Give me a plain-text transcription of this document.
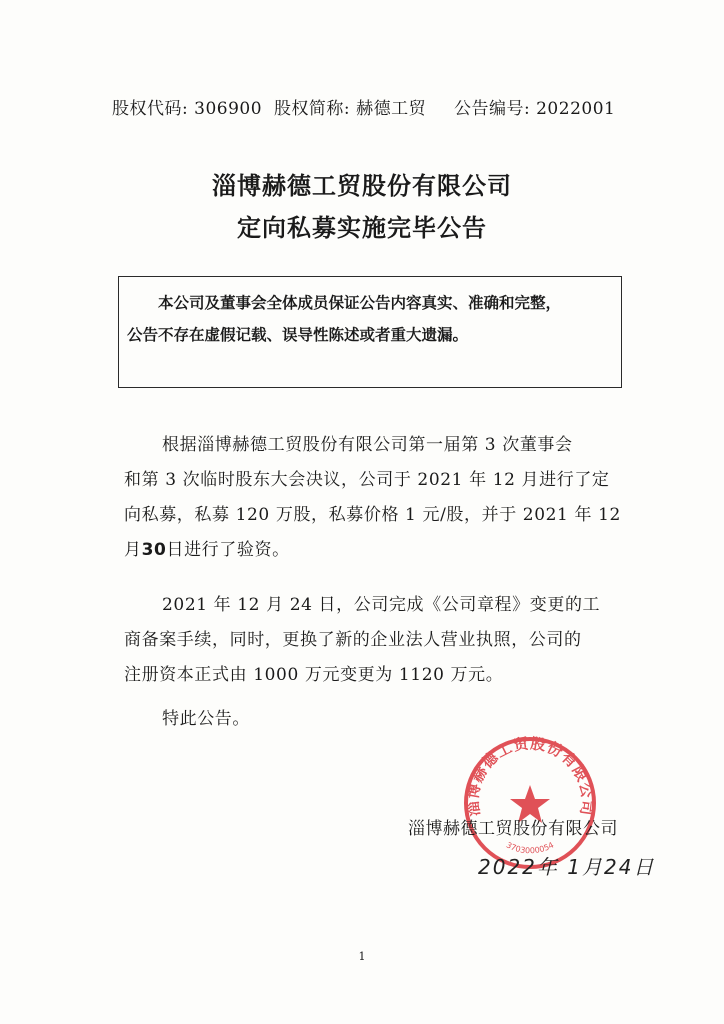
股权代码: 306900 股权简称: 赫德工贸 公告编号: 2022001
淄博赫德工贸股份有限公司
定向私募实施完毕公告
本公司及董事会全体成员保证公告内容真实、准确和完整，
公告不存在虚假记载、误导性陈述或者重大遗漏。

根据淄博赫德工贸股份有限公司第一届第 3 次董事会

和第 3 次临时股东大会决议，公司于 2021 年 12 月进行了定

向私募，私募 120 万股，私募价格 1 元/股，并于 2021 年 12

月30日进行了验资。

2021 年 12 月 24 日，公司完成《公司章程》变更的工

商备案手续，同时，更换了新的企业法人营业执照，公司的

注册资本正式由 1000 万元变更为 1120 万元。

特此公告。

淄博赫德工贸股份有限公司
3703000054
淄博赫德工贸股份有限公司
2022年 1月24日
1
